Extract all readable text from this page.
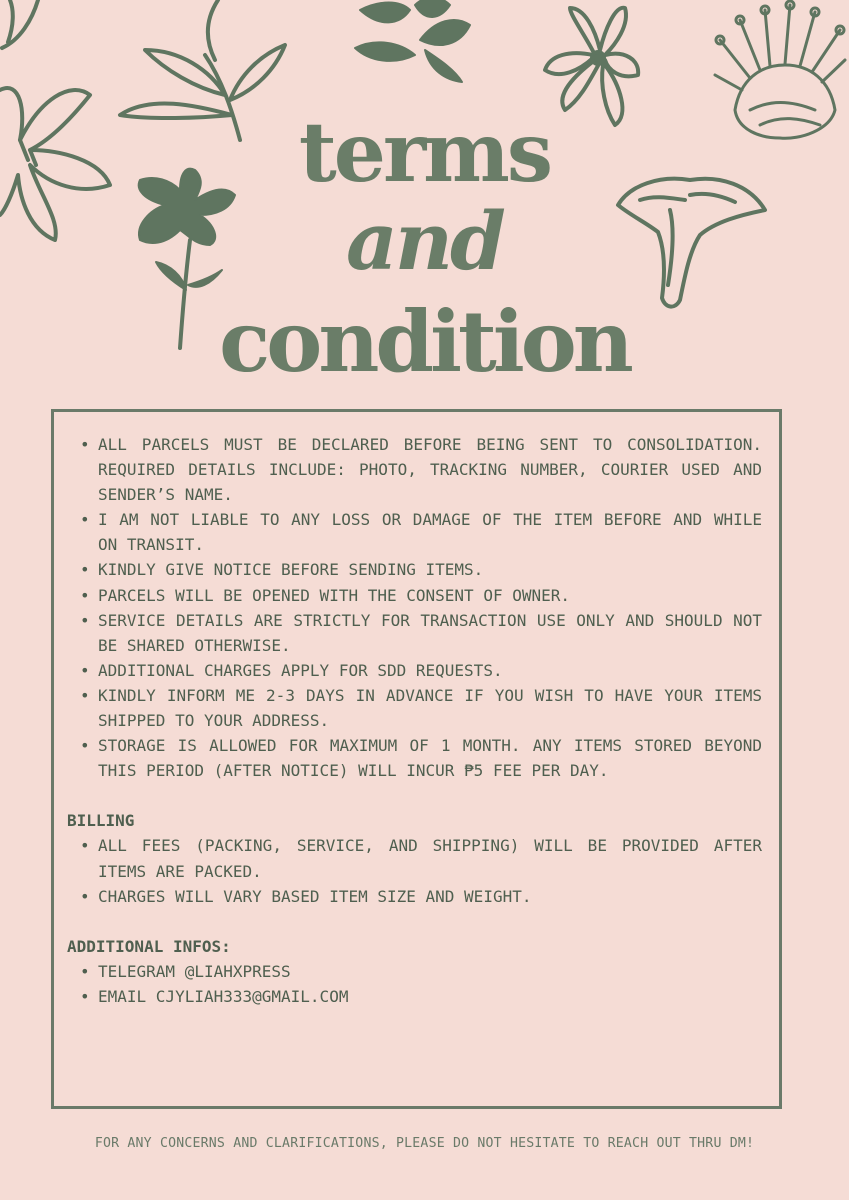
terms
and
condition
• ALL PARCELS MUST BE DECLARED BEFORE BEING SENT TO CONSOLIDATION. REQUIRED DETAILS INCLUDE: PHOTO, TRACKING NUMBER, COURIER USED AND SENDER’S NAME.
• I AM NOT LIABLE TO ANY LOSS OR DAMAGE OF THE ITEM BEFORE AND WHILE ON TRANSIT.
• KINDLY GIVE NOTICE BEFORE SENDING ITEMS.
• PARCELS WILL BE OPENED WITH THE CONSENT OF OWNER.
• SERVICE DETAILS ARE STRICTLY FOR TRANSACTION USE ONLY AND SHOULD NOT BE SHARED OTHERWISE.
• ADDITIONAL CHARGES APPLY FOR SDD REQUESTS.
• KINDLY INFORM ME 2-3 DAYS IN ADVANCE IF YOU WISH TO HAVE YOUR ITEMS SHIPPED TO YOUR ADDRESS.
• STORAGE IS ALLOWED FOR MAXIMUM OF 1 MONTH. ANY ITEMS STORED BEYOND THIS PERIOD (AFTER NOTICE) WILL INCUR ₱5 FEE PER DAY.
BILLING
• ALL FEES (PACKING, SERVICE, AND SHIPPING) WILL BE PROVIDED AFTER ITEMS ARE PACKED.
• CHARGES WILL VARY BASED ITEM SIZE AND WEIGHT.
ADDITIONAL INFOS:
• TELEGRAM @LIAHXPRESS
• EMAIL CJYLIAH333@GMAIL.COM
FOR ANY CONCERNS AND CLARIFICATIONS, PLEASE DO NOT HESITATE TO REACH OUT THRU DM!
